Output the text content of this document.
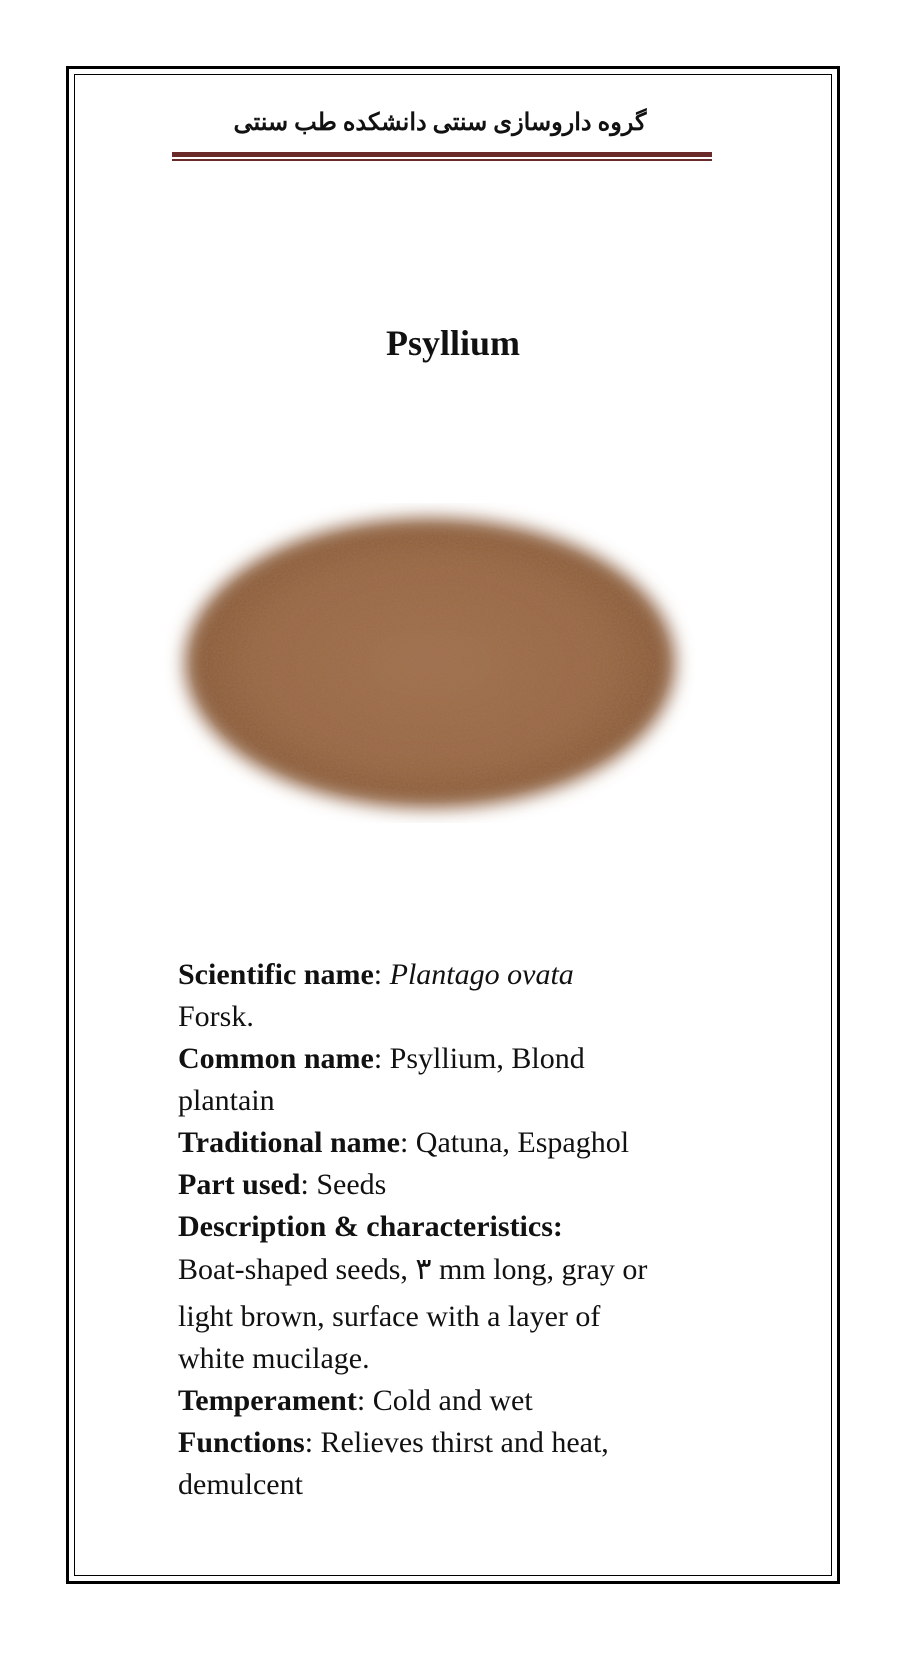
گروه داروسازی سنتی دانشکده طب سنتی
Psyllium
Scientific name: Plantago ovata
Forsk.
Common name: Psyllium, Blond
plantain
Traditional name: Qatuna, Espaghol
Part used: Seeds
Description & characteristics:
Boat-shaped seeds, ۳ mm long, gray or
light brown, surface with a layer of
white mucilage.
Temperament: Cold and wet
Functions: Relieves thirst and heat,
demulcent
